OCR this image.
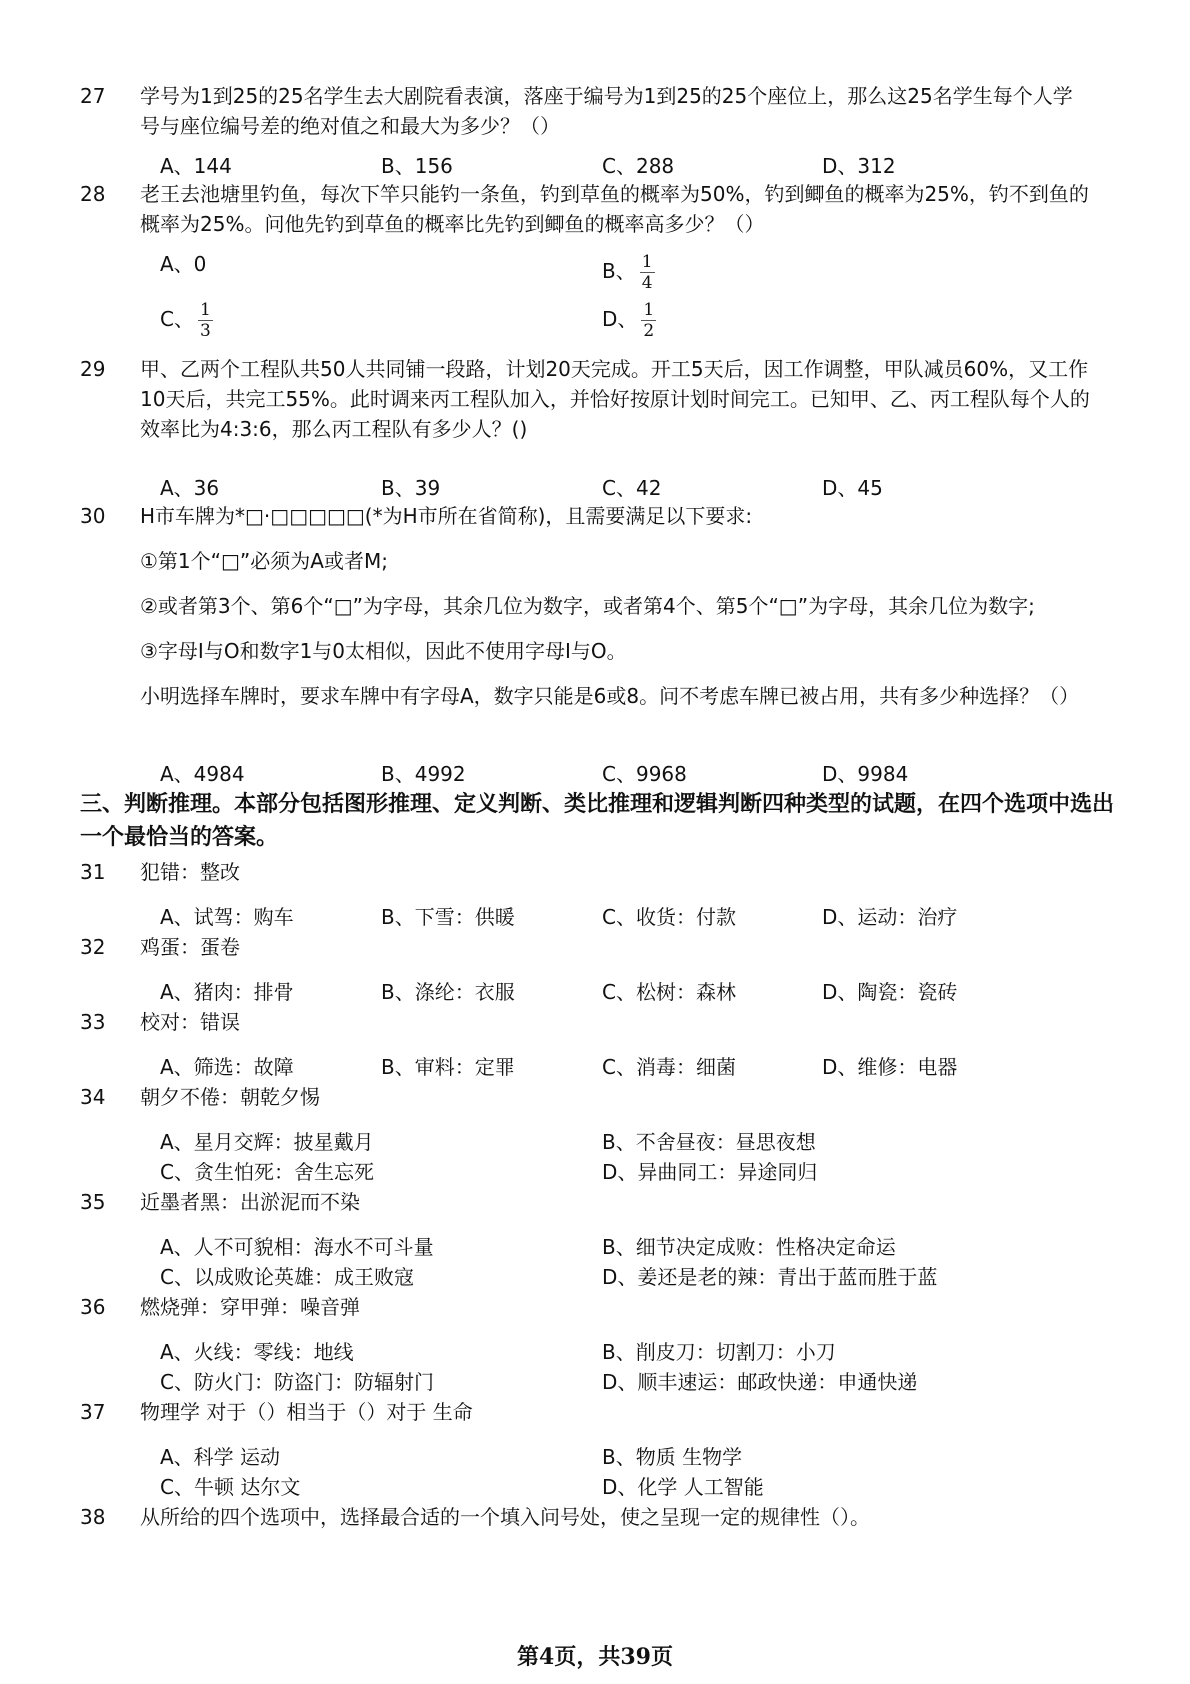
27 学号为1到25的25名学生去大剧院看表演，落座于编号为1到25的25个座位上，那么这25名学生每个人学号与座位编号差的绝对值之和最大为多少？（）
A、144	B、156	C、288	D、312
28 老王去池塘里钓鱼，每次下竿只能钓一条鱼，钓到草鱼的概率为50%，钓到鲫鱼的概率为25%，钓不到鱼的概率为25%。问他先钓到草鱼的概率比先钓到鲫鱼的概率高多少？（）
A、0	B、 $\frac{1}{4}$
C、 $\frac{1}{3}$	D、 $\frac{1}{2}$
29 甲、乙两个工程队共50人共同铺一段路，计划20天完成。开工5天后，因工作调整，甲队减员60%，又工作10天后，共完工55%。此时调来丙工程队加入，并恰好按原计划时间完工。已知甲、乙、丙工程队每个人的效率比为4:3:6，那么丙工程队有多少人？()
A、36	B、39	C、42	D、45
30 H市车牌为*□·□□□□□(*为H市所在省简称)，且需要满足以下要求:
①第1个“□”必须为A或者M;
②或者第3个、第6个“□”为字母，其余几位为数字，或者第4个、第5个“□”为字母，其余几位为数字;
③字母I与O和数字1与0太相似，因此不使用字母I与O。
小明选择车牌时，要求车牌中有字母A，数字只能是6或8。问不考虑车牌已被占用，共有多少种选择？（）
A、4984	B、4992	C、9968	D、9984
三、判断推理。本部分包括图形推理、定义判断、类比推理和逻辑判断四种类型的试题，在四个选项中选出一个最恰当的答案。
31 犯错：整改
A、试驾：购车	B、下雪：供暖	C、收货：付款	D、运动：治疗
32 鸡蛋：蛋卷
A、猪肉：排骨	B、涤纶：衣服	C、松树：森林	D、陶瓷：瓷砖
33 校对：错误
A、筛选：故障	B、审料：定罪	C、消毒：细菌	D、维修：电器
34 朝夕不倦：朝乾夕惕
A、星月交辉：披星戴月	B、不舍昼夜：昼思夜想
C、贪生怕死：舍生忘死	D、异曲同工：异途同归
35 近墨者黑：出淤泥而不染
A、人不可貌相：海水不可斗量	B、细节决定成败：性格决定命运
C、以成败论英雄：成王败寇	D、姜还是老的辣：青出于蓝而胜于蓝
36 燃烧弹：穿甲弹：噪音弹
A、火线：零线：地线	B、削皮刀：切割刀：小刀
C、防火门：防盗门：防辐射门	D、顺丰速运：邮政快递：申通快递
37 物理学 对于（）相当于（）对于 生命
A、科学 运动	B、物质 生物学
C、牛顿 达尔文	D、化学 人工智能
38 从所给的四个选项中，选择最合适的一个填入问号处，使之呈现一定的规律性（）。
第4页，共39页
